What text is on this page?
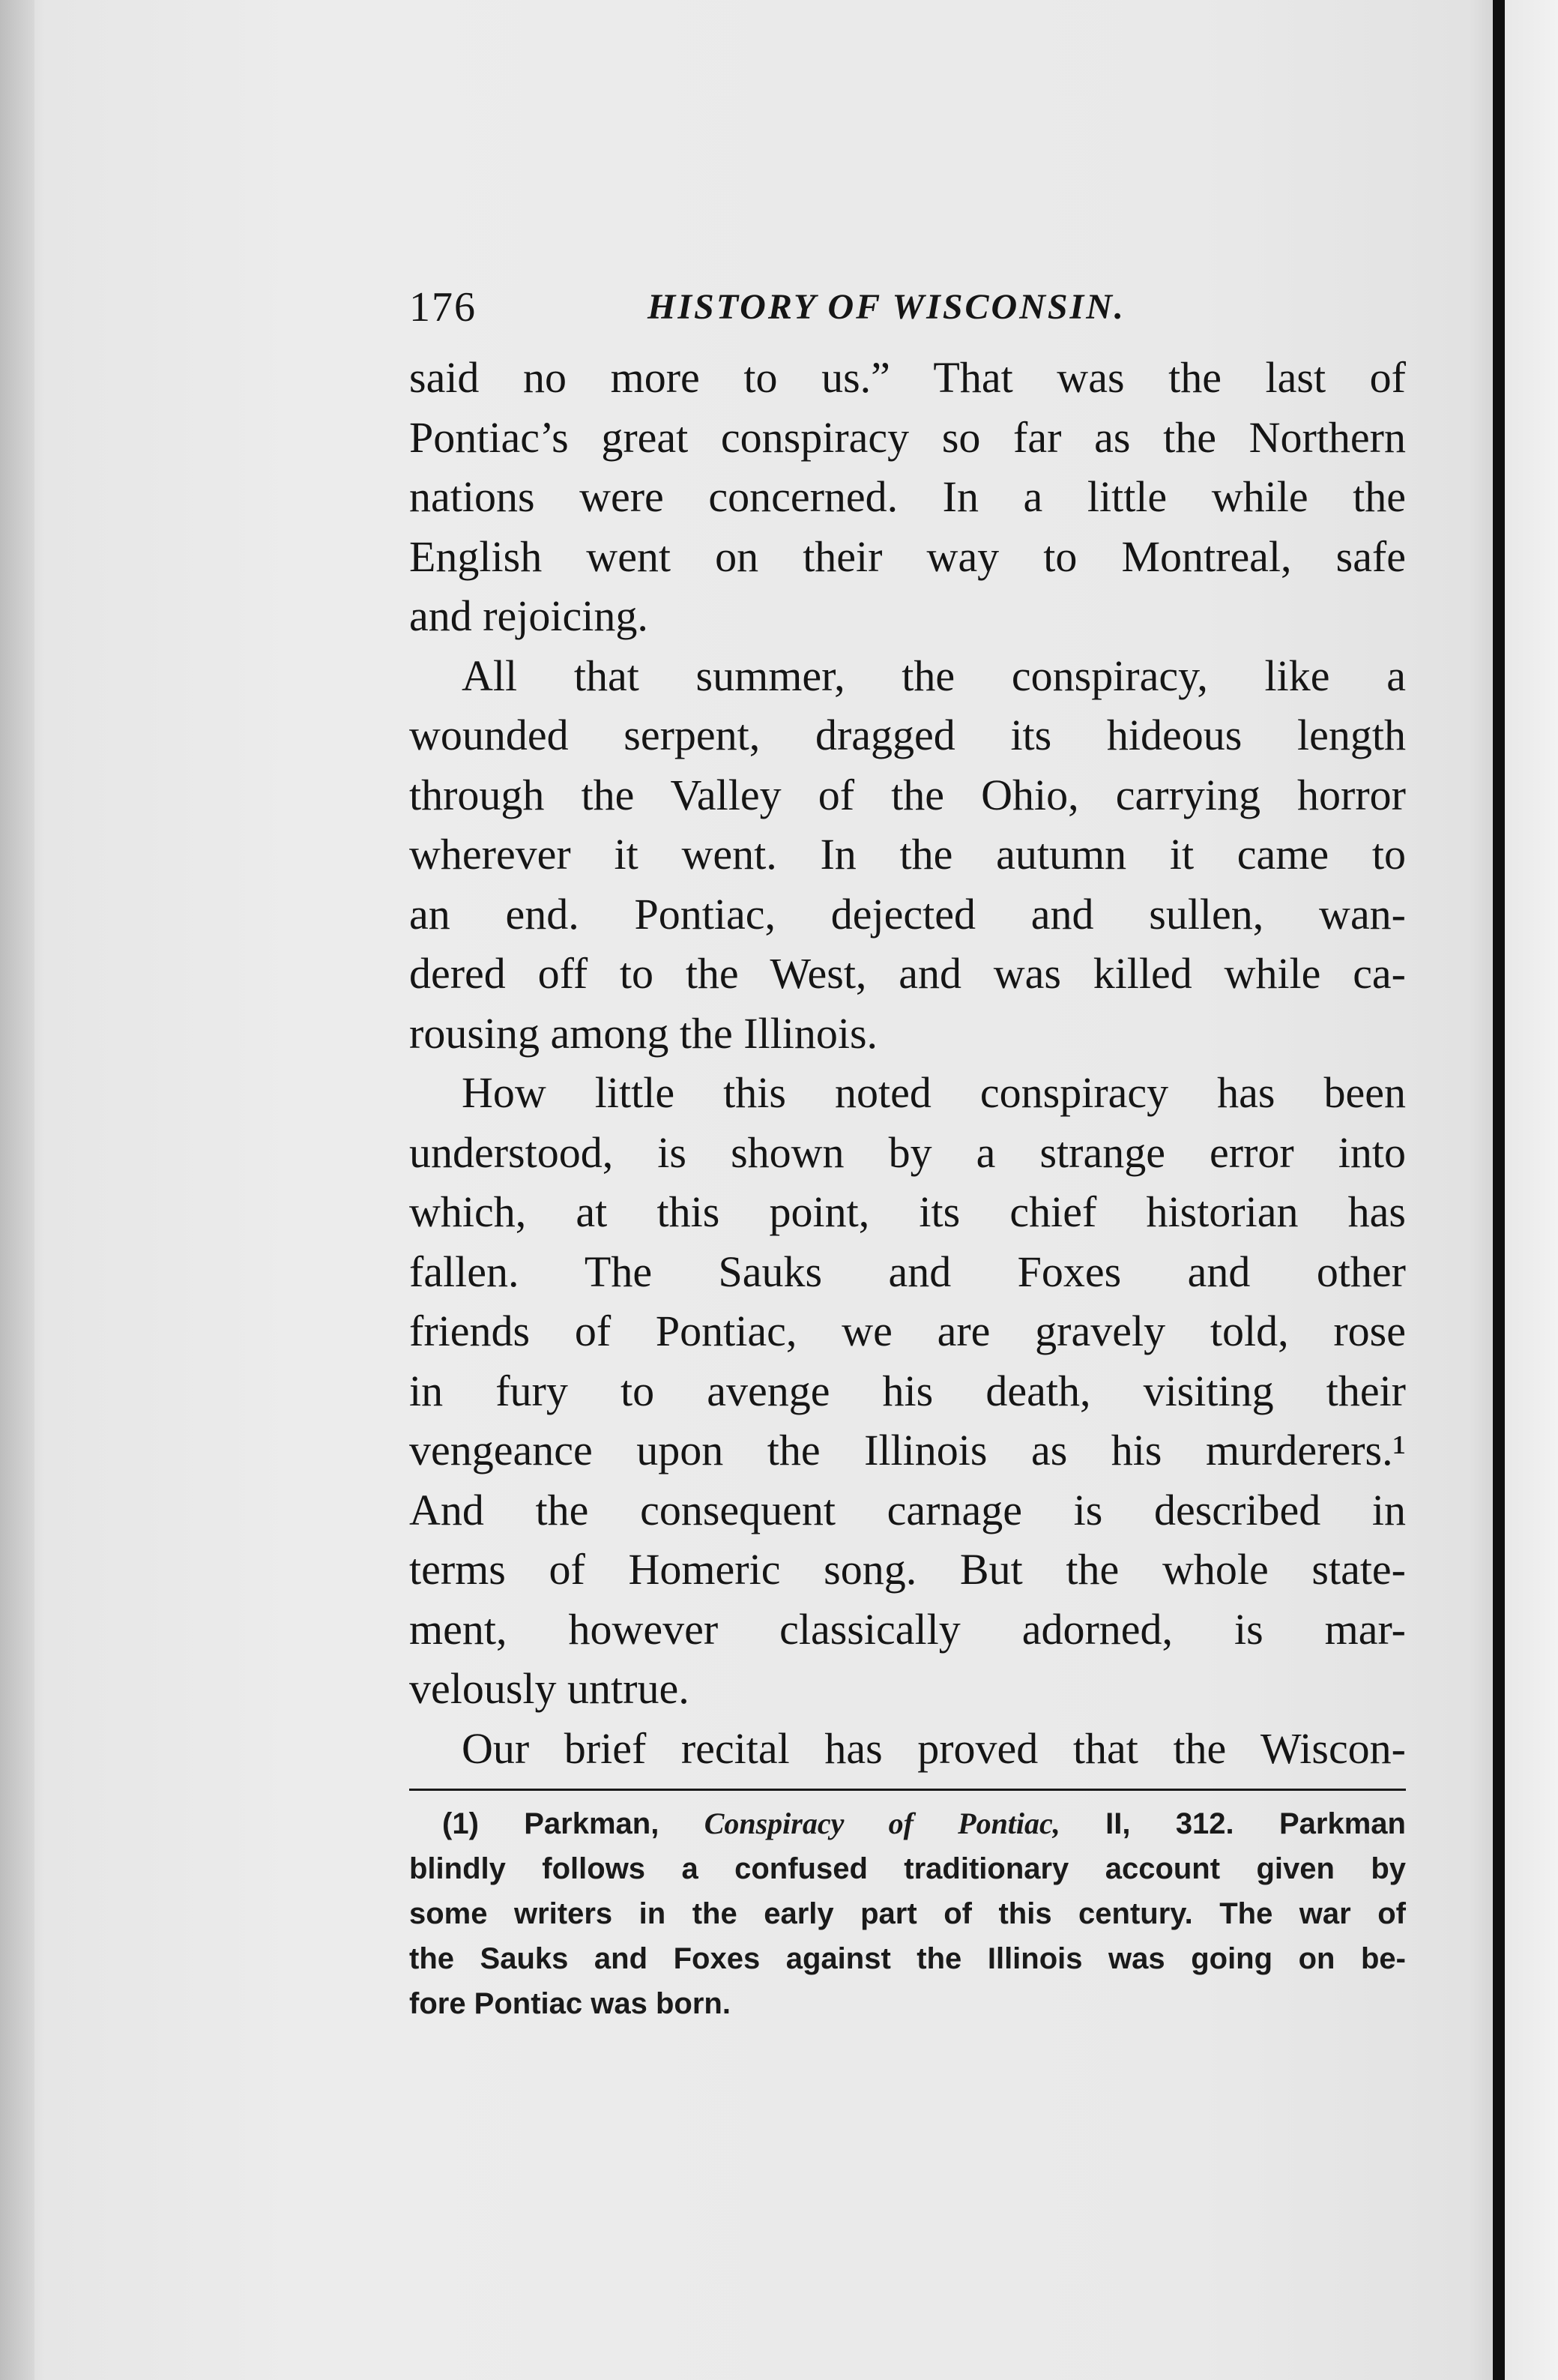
176	HISTORY OF WISCONSIN.
said no more to us.” That was the last of
Pontiac’s great conspiracy so far as the Northern
nations were concerned. In a little while the
English went on their way to Montreal, safe
and rejoicing.
All that summer, the conspiracy, like a
wounded serpent, dragged its hideous length
through the Valley of the Ohio, carrying horror
wherever it went. In the autumn it came to
an end. Pontiac, dejected and sullen, wan-
dered off to the West, and was killed while ca-
rousing among the Illinois.
How little this noted conspiracy has been
understood, is shown by a strange error into
which, at this point, its chief historian has
fallen. The Sauks and Foxes and other
friends of Pontiac, we are gravely told, rose
in fury to avenge his death, visiting their
vengeance upon the Illinois as his murderers.¹
And the consequent carnage is described in
terms of Homeric song. But the whole state-
ment, however classically adorned, is mar-
velously untrue.
Our brief recital has proved that the Wiscon-
(1) Parkman, Conspiracy of Pontiac, II, 312. Parkman
blindly follows a confused traditionary account given by
some writers in the early part of this century. The war of
the Sauks and Foxes against the Illinois was going on be-
fore Pontiac was born.
